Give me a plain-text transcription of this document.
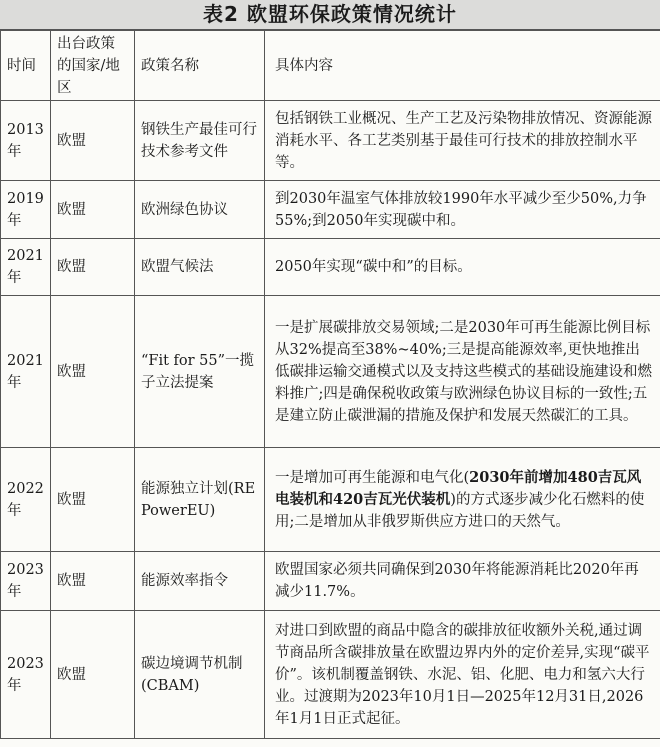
表2 欧盟环保政策情况统计
时间	出台政策的国家/地区	政策名称	具体内容
2013年	欧盟	钢铁生产最佳可行技术参考文件	包括钢铁工业概况、生产工艺及污染物排放情况、资源能源消耗水平、各工艺类别基于最佳可行技术的排放控制水平等。
2019年	欧盟	欧洲绿色协议	到2030年温室气体排放较1990年水平减少至少50%,力争55%;到2050年实现碳中和。
2021年	欧盟	欧盟气候法	2050年实现“碳中和”的目标。
2021年	欧盟	“Fit for 55”一揽子立法提案	一是扩展碳排放交易领域;二是2030年可再生能源比例目标从32%提高至38%~40%;三是提高能源效率,更快地推出低碳排运输交通模式以及支持这些模式的基础设施建设和燃料推广;四是确保税收政策与欧洲绿色协议目标的一致性;五是建立防止碳泄漏的措施及保护和发展天然碳汇的工具。
2022年	欧盟	能源独立计划(REPowerEU)	一是增加可再生能源和电气化(2030年前增加480吉瓦风电装机和420吉瓦光伏装机)的方式逐步减少化石燃料的使用;二是增加从非俄罗斯供应方进口的天然气。
2023年	欧盟	能源效率指令	欧盟国家必须共同确保到2030年将能源消耗比2020年再减少11.7%。
2023年	欧盟	碳边境调节机制(CBAM)	对进口到欧盟的商品中隐含的碳排放征收额外关税,通过调节商品所含碳排放量在欧盟边界内外的定价差异,实现“碳平价”。该机制覆盖钢铁、水泥、铝、化肥、电力和氢六大行业。过渡期为2023年10月1日—2025年12月31日,2026年1月1日正式起征。
